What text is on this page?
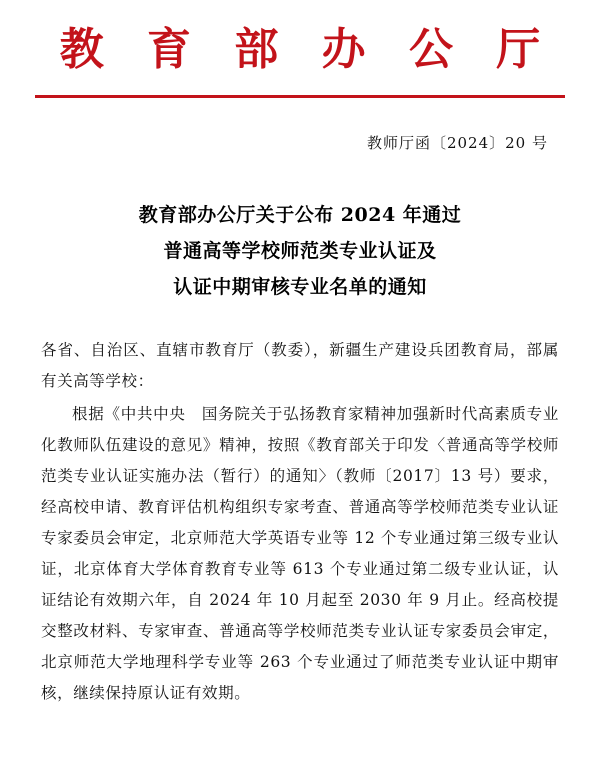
教 育 部 办 公 厅
教师厅函〔2024〕20 号
教育部办公厅关于公布 2024 年通过
普通高等学校师范类专业认证及
认证中期审核专业名单的通知

各省、自治区、直辖市教育厅（教委），新疆生产建设兵团教育局，部属有关高等学校：

根据《中共中央　国务院关于弘扬教育家精神加强新时代高素质专业化教师队伍建设的意见》精神，按照《教育部关于印发〈普通高等学校师范类专业认证实施办法（暂行）的通知〉（教师〔2017〕13 号）要求，经高校申请、教育评估机构组织专家考查、普通高等学校师范类专业认证专家委员会审定，北京师范大学英语专业等 12 个专业通过第三级专业认证，北京体育大学体育教育专业等 613 个专业通过第二级专业认证，认证结论有效期六年，自 2024 年 10 月起至 2030 年 9 月止。经高校提交整改材料、专家审查、普通高等学校师范类专业认证专家委员会审定，北京师范大学地理科学专业等 263 个专业通过了师范类专业认证中期审核，继续保持原认证有效期。
